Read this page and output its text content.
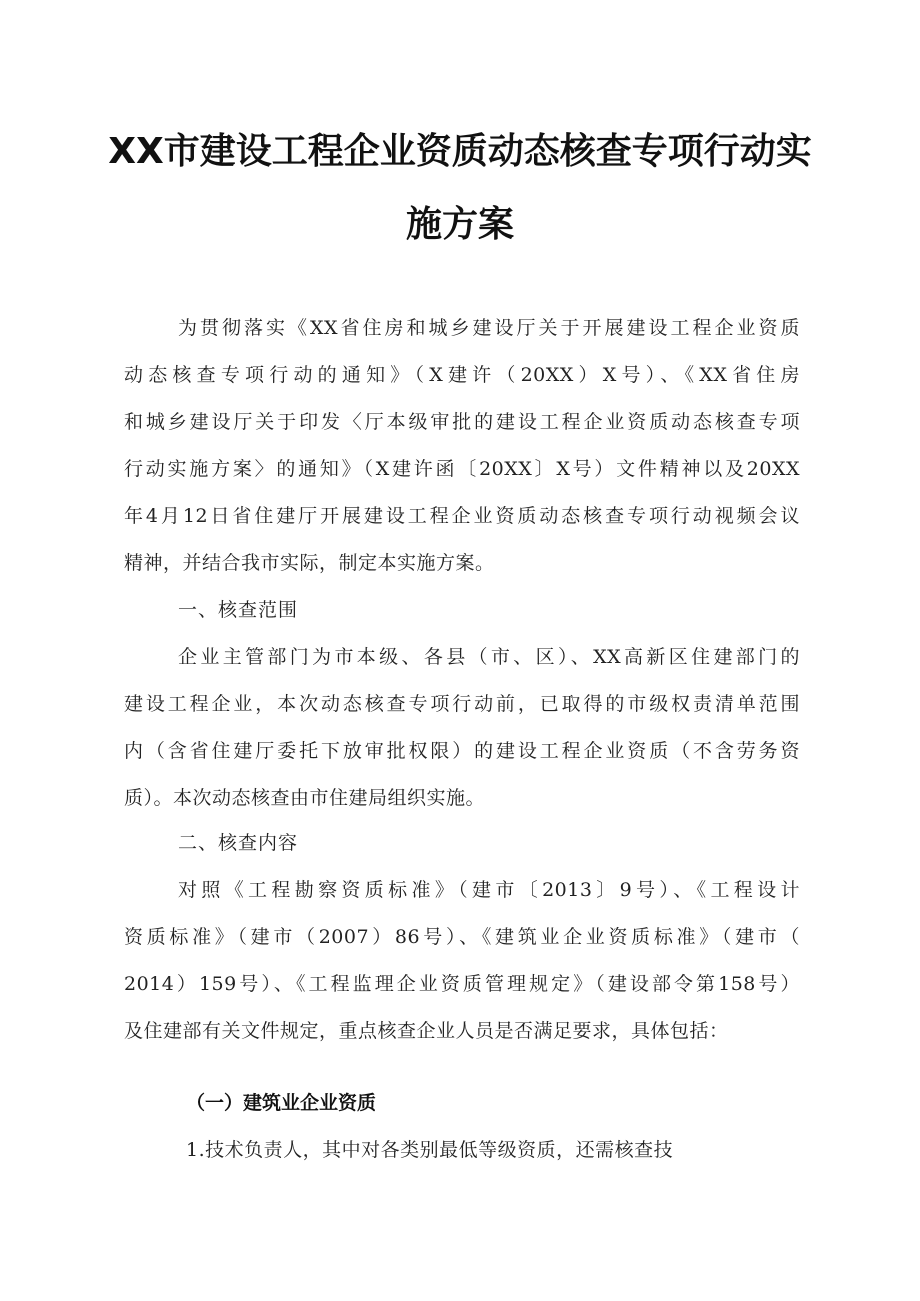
XX市建设工程企业资质动态核查专项行动实
施方案
为贯彻落实《XX省住房和城乡建设厅关于开展建设工程企业资质
动态核查专项行动的通知》（X建许（20XX）X号）、《XX省住房
和城乡建设厅关于印发〈厅本级审批的建设工程企业资质动态核查专项
行动实施方案〉的通知》（X建许函〔20XX〕X号）文件精神以及20XX
年4月12日省住建厅开展建设工程企业资质动态核查专项行动视频会议
精神，并结合我市实际，制定本实施方案。
一、核查范围
企业主管部门为市本级、各县（市、区）、XX高新区住建部门的
建设工程企业，本次动态核查专项行动前，已取得的市级权责清单范围
内（含省住建厅委托下放审批权限）的建设工程企业资质（不含劳务资
质）。本次动态核查由市住建局组织实施。
二、核查内容
对照《工程勘察资质标准》（建市〔2013〕9号）、《工程设计
资质标准》（建市（2007）86号）、《建筑业企业资质标准》（建市（
2014）159号）、《工程监理企业资质管理规定》（建设部令第158号）
及住建部有关文件规定，重点核查企业人员是否满足要求，具体包括：
（一）建筑业企业资质
1.技术负责人，其中对各类别最低等级资质，还需核查技
